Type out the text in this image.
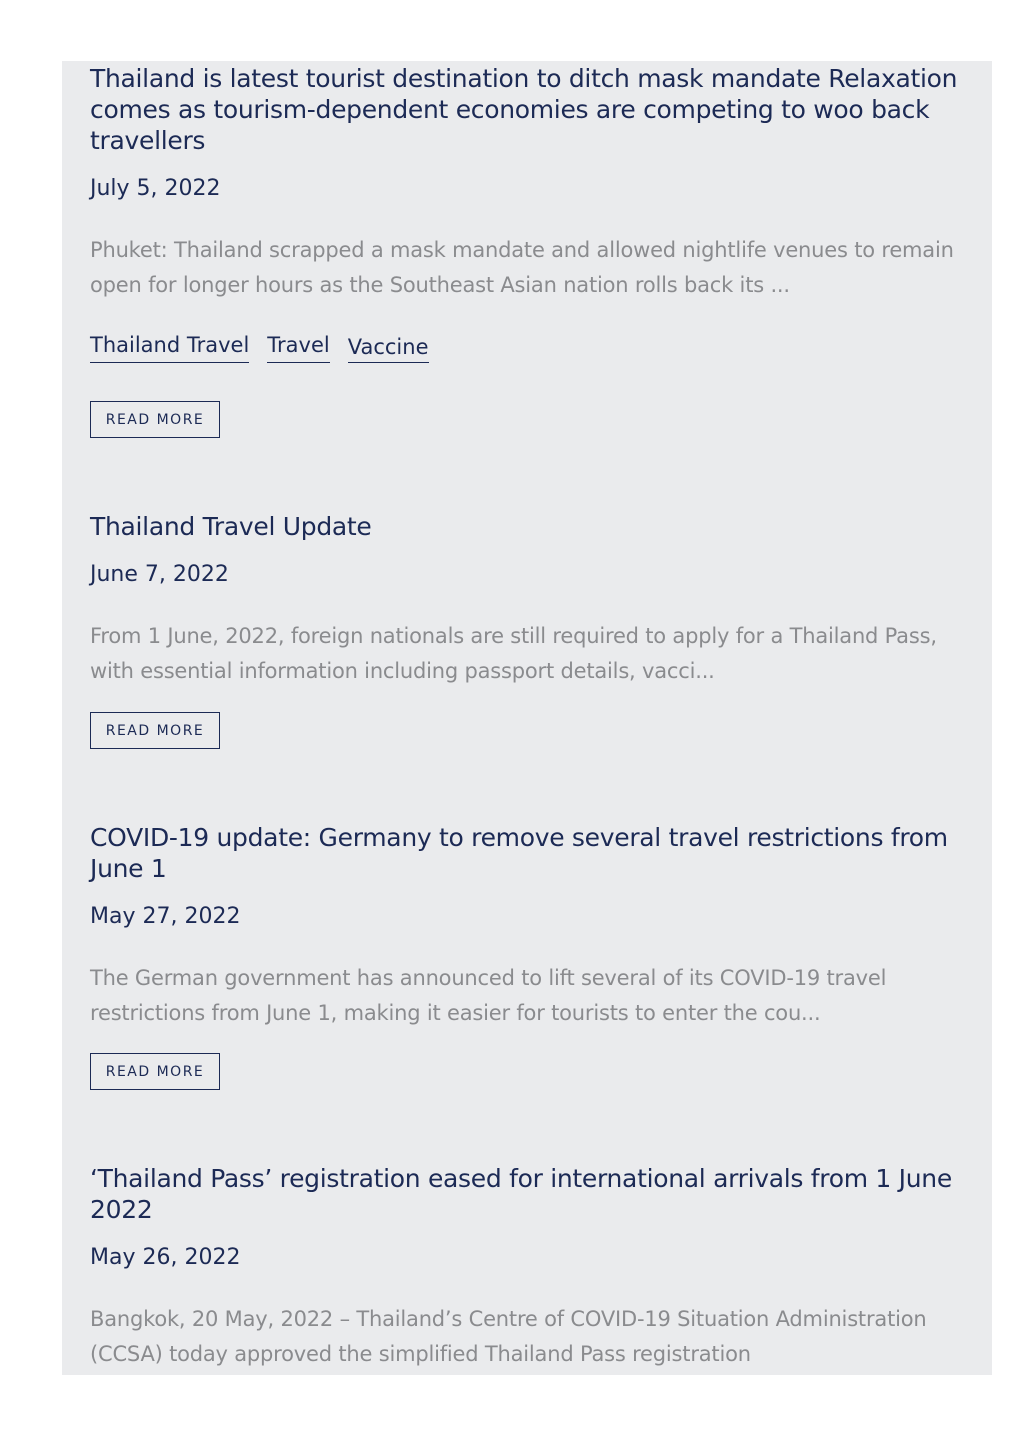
Thailand is latest tourist destination to ditch mask mandate Relaxation comes as tourism-dependent economies are competing to woo back travellers
July 5, 2022

Phuket: Thailand scrapped a mask mandate and allowed nightlife venues to remain open for longer hours as the Southeast Asian nation rolls back its ...

Thailand Travel Travel Vaccine
READ MORE
Thailand Travel Update
June 7, 2022

From 1 June, 2022, foreign nationals are still required to apply for a Thailand Pass, with essential information including passport details, vacci...

READ MORE
COVID-19 update: Germany to remove several travel restrictions from June 1
May 27, 2022

The German government has announced to lift several of its COVID-19 travel restrictions from June 1, making it easier for tourists to enter the cou...

READ MORE
‘Thailand Pass’ registration eased for international arrivals from 1 June 2022
May 26, 2022

Bangkok, 20 May, 2022 – Thailand’s Centre of COVID-19 Situation Administration (CCSA) today approved the simplified Thailand Pass registration
